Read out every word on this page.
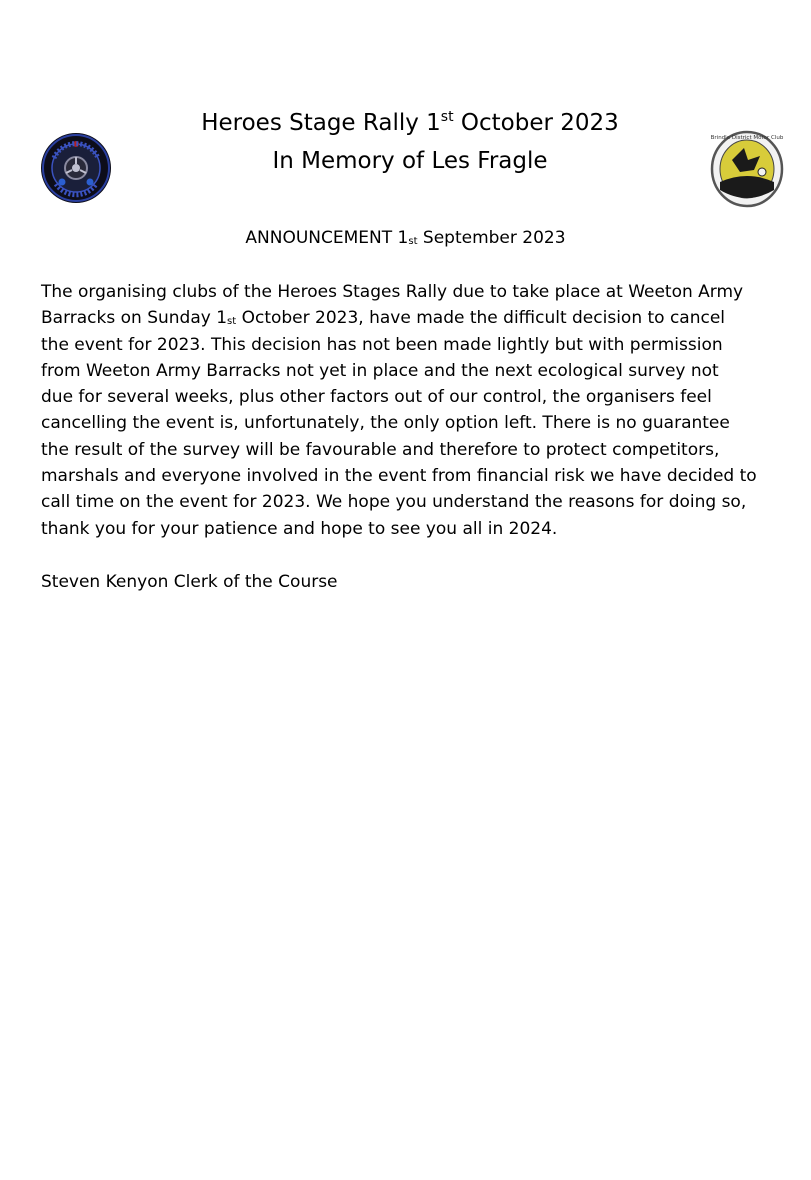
Heroes Stage Rally 1st October 2023
In Memory of Les Fragle
Brindle District Motor Club
ANNOUNCEMENT $1_{st}$ September 2023
The organising clubs of the Heroes Stages Rally due to take place at Weeton Army
Barracks on Sunday $1_{st}$ October 2023, have made the difficult decision to cancel
the event for 2023. This decision has not been made lightly but with permission
from Weeton Army Barracks not yet in place and the next ecological survey not
due for several weeks, plus other factors out of our control, the organisers feel
cancelling the event is, unfortunately, the only option left. There is no guarantee
the result of the survey will be favourable and therefore to protect competitors,
marshals and everyone involved in the event from financial risk we have decided to
call time on the event for 2023. We hope you understand the reasons for doing so,
thank you for your patience and hope to see you all in 2024.
Steven Kenyon Clerk of the Course
